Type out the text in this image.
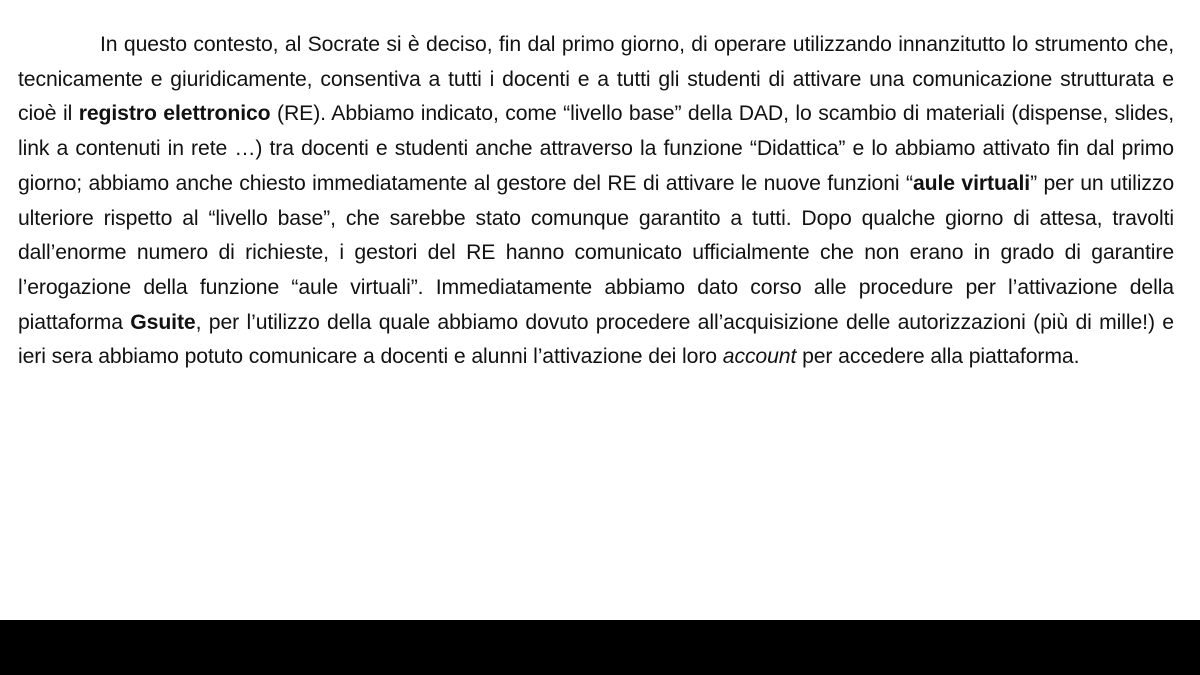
In questo contesto, al Socrate si è deciso, fin dal primo giorno, di operare utilizzando innanzitutto lo strumento che, tecnicamente e giuridicamente, consentiva a tutti i docenti e a tutti gli studenti di attivare una comunicazione strutturata e cioè il registro elettronico (RE). Abbiamo indicato, come “livello base” della DAD, lo scambio di materiali (dispense, slides, link a contenuti in rete …) tra docenti e studenti anche attraverso la funzione “Didattica” e lo abbiamo attivato fin dal primo giorno; abbiamo anche chiesto immediatamente al gestore del RE di attivare le nuove funzioni “aule virtuali” per un utilizzo ulteriore rispetto al “livello base”, che sarebbe stato comunque garantito a tutti. Dopo qualche giorno di attesa, travolti dall’enorme numero di richieste, i gestori del RE hanno comunicato ufficialmente che non erano in grado di garantire l’erogazione della funzione “aule virtuali”. Immediatamente abbiamo dato corso alle procedure per l’attivazione della piattaforma Gsuite, per l’utilizzo della quale abbiamo dovuto procedere all’acquisizione delle autorizzazioni (più di mille!) e ieri sera abbiamo potuto comunicare a docenti e alunni l’attivazione dei loro account per accedere alla piattaforma.
